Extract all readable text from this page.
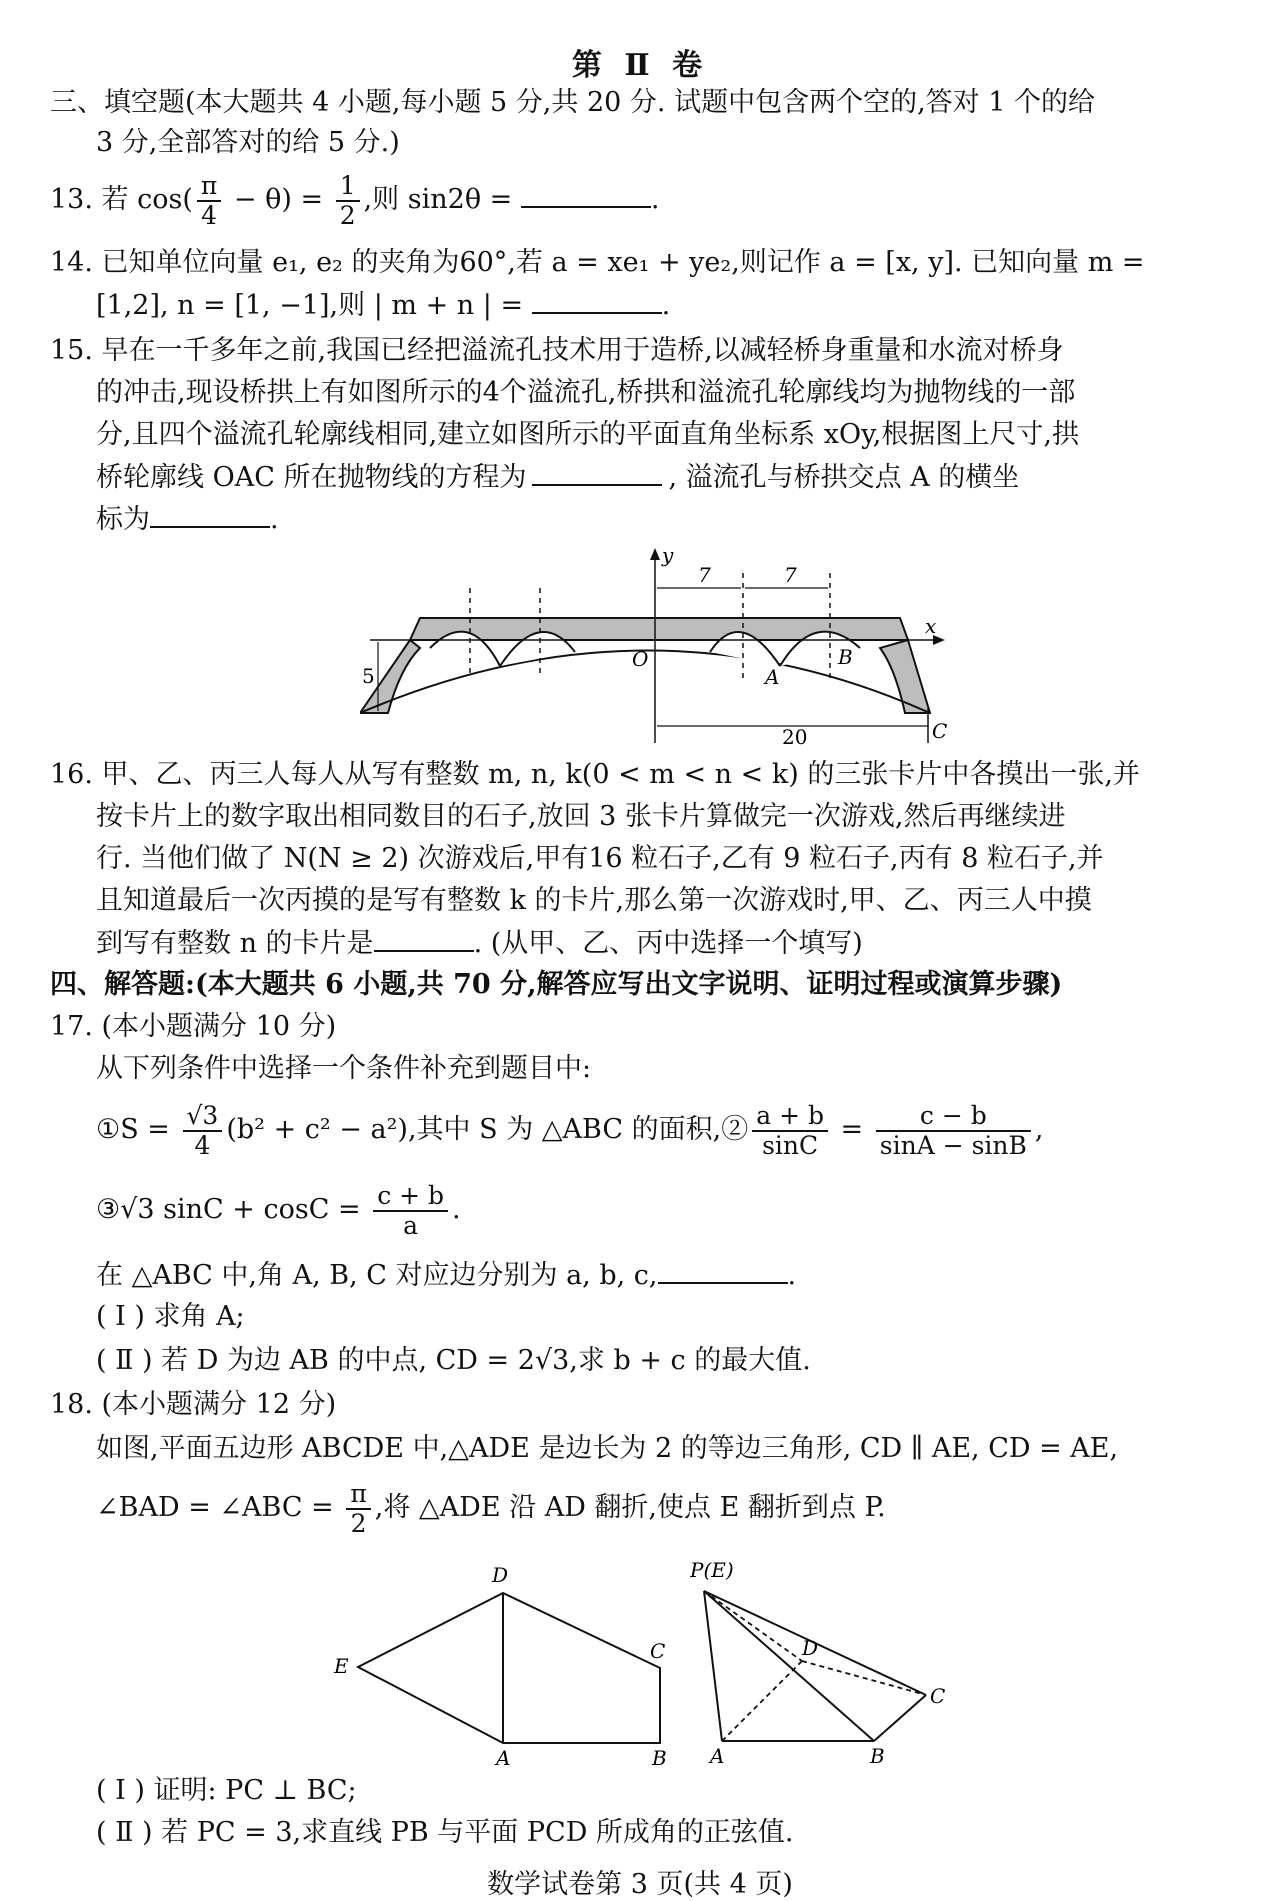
第 Ⅱ 卷
三、填空题(本大题共 4 小题,每小题 5 分,共 20 分. 试题中包含两个空的,答对 1 个的给
3 分,全部答对的给 5 分.)
13. 若 $\cos( \frac{\pi}{4} - \theta) = \frac{1}{2}$ ,则 sin2θ =	.
14. 已知单位向量 e₁, e₂ 的夹角为60°,若 a = xe₁ + ye₂,则记作 a = [x, y]. 已知向量 m =
[1,2], n = [1, −1],则 | m + n | =	.
15. 早在一千多年之前,我国已经把溢流孔技术用于造桥,以减轻桥身重量和水流对桥身
的冲击,现设桥拱上有如图所示的4个溢流孔,桥拱和溢流孔轮廓线均为抛物线的一部
分,且四个溢流孔轮廓线相同,建立如图所示的平面直角坐标系 xOy,根据图上尺寸,拱
桥轮廓线 OAC 所在抛物线的方程为	, 溢流孔与桥拱交点 A 的横坐
标为	.
7	7
5
20
y
x
O
A
B
C
16. 甲、乙、丙三人每人从写有整数 m, n, k(0 < m < n < k) 的三张卡片中各摸出一张,并
按卡片上的数字取出相同数目的石子,放回 3 张卡片算做完一次游戏,然后再继续进
行. 当他们做了 N(N ≥ 2) 次游戏后,甲有16 粒石子,乙有 9 粒石子,丙有 8 粒石子,并
且知道最后一次丙摸的是写有整数 k 的卡片,那么第一次游戏时,甲、乙、丙三人中摸
到写有整数 n 的卡片是	. (从甲、乙、丙中选择一个填写)
四、解答题:(本大题共 6 小题,共 70 分,解答应写出文字说明、证明过程或演算步骤)
17. (本小题满分 10 分)
从下列条件中选择一个条件补充到题目中:
①S = $\frac{√3}{4} (b^2 + c^2 - a^2)$,其中 S 为 △ABC 的面积,② $\frac{a + b}{\sin C} = \frac{c - b}{\sin A - \sin B}$ ,
③√3 $\sin C + \cos C = \frac{c + b}{a}$ .
在 △ABC 中,角 A, B, C 对应边分别为 a, b, c,	.
( Ⅰ ) 求角 A;
( Ⅱ ) 若 D 为边 AB 的中点, CD = 2√3,求 b + c 的最大值.
18. (本小题满分 12 分)
如图,平面五边形 ABCDE 中,△ADE 是边长为 2 的等边三角形, CD ∥ AE, CD = AE,
∠BAD = ∠ABC = $\frac{\pi}{2}$ ,将 △ADE 沿 AD 翻折,使点 E 翻折到点 P.
D
E
C
A	B
P(E)
D
C
A	B
( Ⅰ ) 证明: PC ⊥ BC;
( Ⅱ ) 若 PC = 3,求直线 PB 与平面 PCD 所成角的正弦值.
数学试卷第 3 页(共 4 页)
